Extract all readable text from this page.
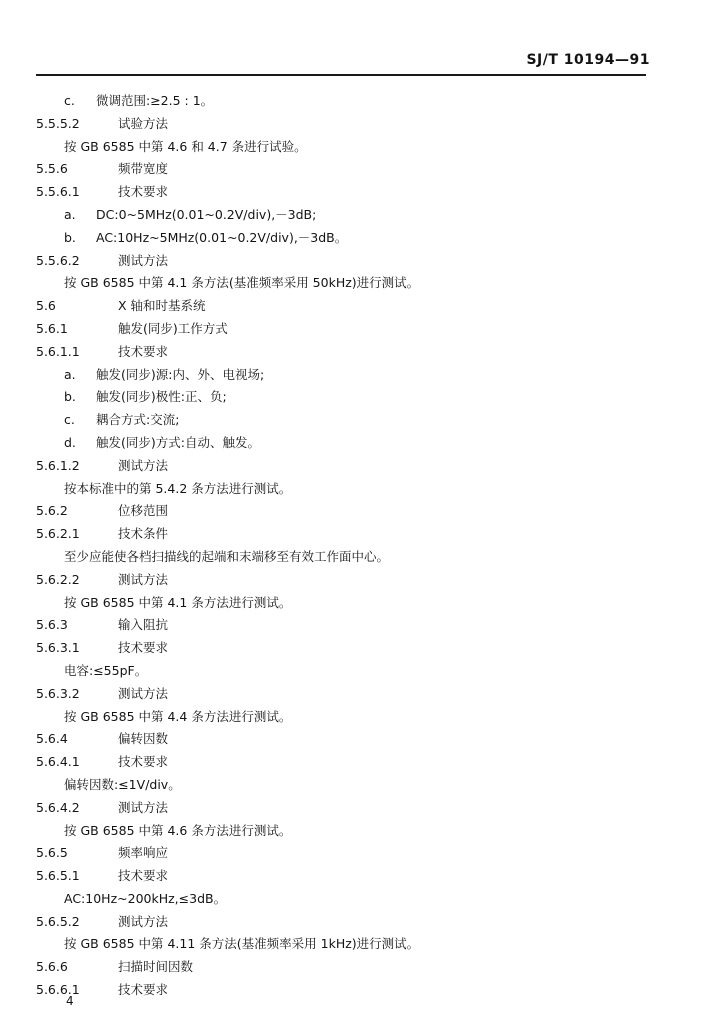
SJ/T 10194—91
c. 微调范围:≥2.5 : 1。
5.5.5.2	试验方法
按 GB 6585 中第 4.6 和 4.7 条进行试验。
5.5.6	频带宽度
5.5.6.1	技术要求
a. DC:0~5MHz(0.01~0.2V/div),－3dB;
b. AC:10Hz~5MHz(0.01~0.2V/div),－3dB。
5.5.6.2	测试方法
按 GB 6585 中第 4.1 条方法(基准频率采用 50kHz)进行测试。
5.6	X 轴和时基系统
5.6.1	触发(同步)工作方式
5.6.1.1	技术要求
a. 触发(同步)源:内、外、电视场;
b. 触发(同步)极性:正、负;
c. 耦合方式:交流;
d. 触发(同步)方式:自动、触发。
5.6.1.2	测试方法
按本标准中的第 5.4.2 条方法进行测试。
5.6.2	位移范围
5.6.2.1	技术条件
至少应能使各档扫描线的起端和末端移至有效工作面中心。
5.6.2.2	测试方法
按 GB 6585 中第 4.1 条方法进行测试。
5.6.3	输入阻抗
5.6.3.1	技术要求
电容:≤55pF。
5.6.3.2	测试方法
按 GB 6585 中第 4.4 条方法进行测试。
5.6.4	偏转因数
5.6.4.1	技术要求
偏转因数:≤1V/div。
5.6.4.2	测试方法
按 GB 6585 中第 4.6 条方法进行测试。
5.6.5	频率响应
5.6.5.1	技术要求
AC:10Hz~200kHz,≤3dB。
5.6.5.2	测试方法
按 GB 6585 中第 4.11 条方法(基准频率采用 1kHz)进行测试。
5.6.6	扫描时间因数
5.6.6.1	技术要求
4
